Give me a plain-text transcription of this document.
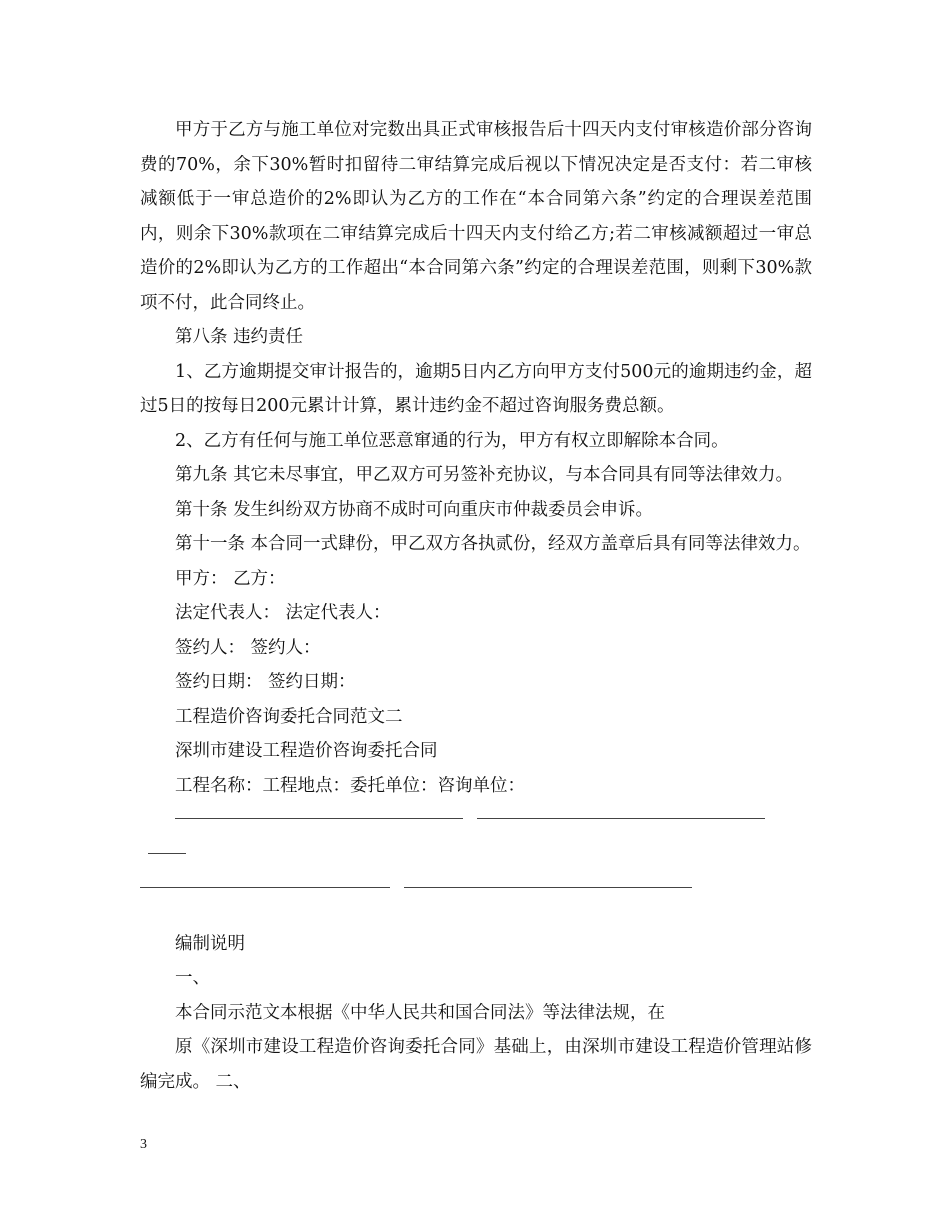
甲方于乙方与施工单位对完数出具正式审核报告后十四天内支付审核造价部分咨询费的70%，余下30%暂时扣留待二审结算完成后视以下情况决定是否支付：若二审核减额低于一审总造价的2%即认为乙方的工作在“本合同第六条”约定的合理误差范围内，则余下30%款项在二审结算完成后十四天内支付给乙方;若二审核减额超过一审总造价的2%即认为乙方的工作超出“本合同第六条”约定的合理误差范围，则剩下30%款项不付，此合同终止。

第八条 违约责任

1、乙方逾期提交审计报告的，逾期5日内乙方向甲方支付500元的逾期违约金，超过5日的按每日200元累计计算，累计违约金不超过咨询服务费总额。

2、乙方有任何与施工单位恶意窜通的行为，甲方有权立即解除本合同。

第九条 其它未尽事宜，甲乙双方可另签补充协议，与本合同具有同等法律效力。

第十条 发生纠纷双方协商不成时可向重庆市仲裁委员会申诉。

第十一条 本合同一式肆份，甲乙双方各执贰份，经双方盖章后具有同等法律效力。

甲方： 乙方：

法定代表人： 法定代表人：

签约人： 签约人：

签约日期： 签约日期：

工程造价咨询委托合同范文二

深圳市建设工程造价咨询委托合同

工程名称：工程地点：委托单位：咨询单位：

编制说明

一、

本合同示范文本根据《中华人民共和国合同法》等法律法规，在

原《深圳市建设工程造价咨询委托合同》基础上，由深圳市建设工程造价管理站修编完成。 二、

3
